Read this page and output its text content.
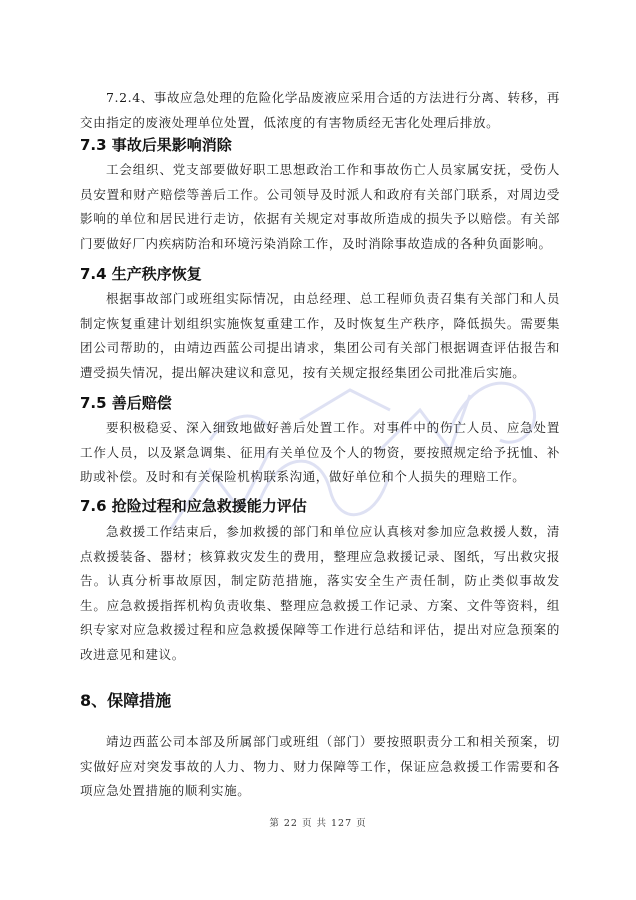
7.2.4、事故应急处理的危险化学品废液应采用合适的方法进行分离、转移，再交由指定的废液处理单位处置，低浓度的有害物质经无害化处理后排放。

7.3 事故后果影响消除

工会组织、党支部要做好职工思想政治工作和事故伤亡人员家属安抚，受伤人员安置和财产赔偿等善后工作。公司领导及时派人和政府有关部门联系，对周边受影响的单位和居民进行走访，依据有关规定对事故所造成的损失予以赔偿。有关部门要做好厂内疾病防治和环境污染消除工作，及时消除事故造成的各种负面影响。

7.4 生产秩序恢复

根据事故部门或班组实际情况，由总经理、总工程师负责召集有关部门和人员制定恢复重建计划组织实施恢复重建工作，及时恢复生产秩序，降低损失。需要集团公司帮助的，由靖边西蓝公司提出请求，集团公司有关部门根据调查评估报告和遭受损失情况，提出解决建议和意见，按有关规定报经集团公司批准后实施。

7.5 善后赔偿

要积极稳妥、深入细致地做好善后处置工作。对事件中的伤亡人员、应急处置工作人员，以及紧急调集、征用有关单位及个人的物资，要按照规定给予抚恤、补助或补偿。及时和有关保险机构联系沟通，做好单位和个人损失的理赔工作。

7.6 抢险过程和应急救援能力评估

急救援工作结束后，参加救援的部门和单位应认真核对参加应急救援人数，清点救援装备、器材；核算救灾发生的费用，整理应急救援记录、图纸，写出救灾报告。认真分析事故原因，制定防范措施，落实安全生产责任制，防止类似事故发生。应急救援指挥机构负责收集、整理应急救援工作记录、方案、文件等资料，组织专家对应急救援过程和应急救援保障等工作进行总结和评估，提出对应急预案的改进意见和建议。

8、保障措施

靖边西蓝公司本部及所属部门或班组（部门）要按照职责分工和相关预案，切实做好应对突发事故的人力、物力、财力保障等工作，保证应急救援工作需要和各项应急处置措施的顺利实施。

第 22 页 共 127 页
